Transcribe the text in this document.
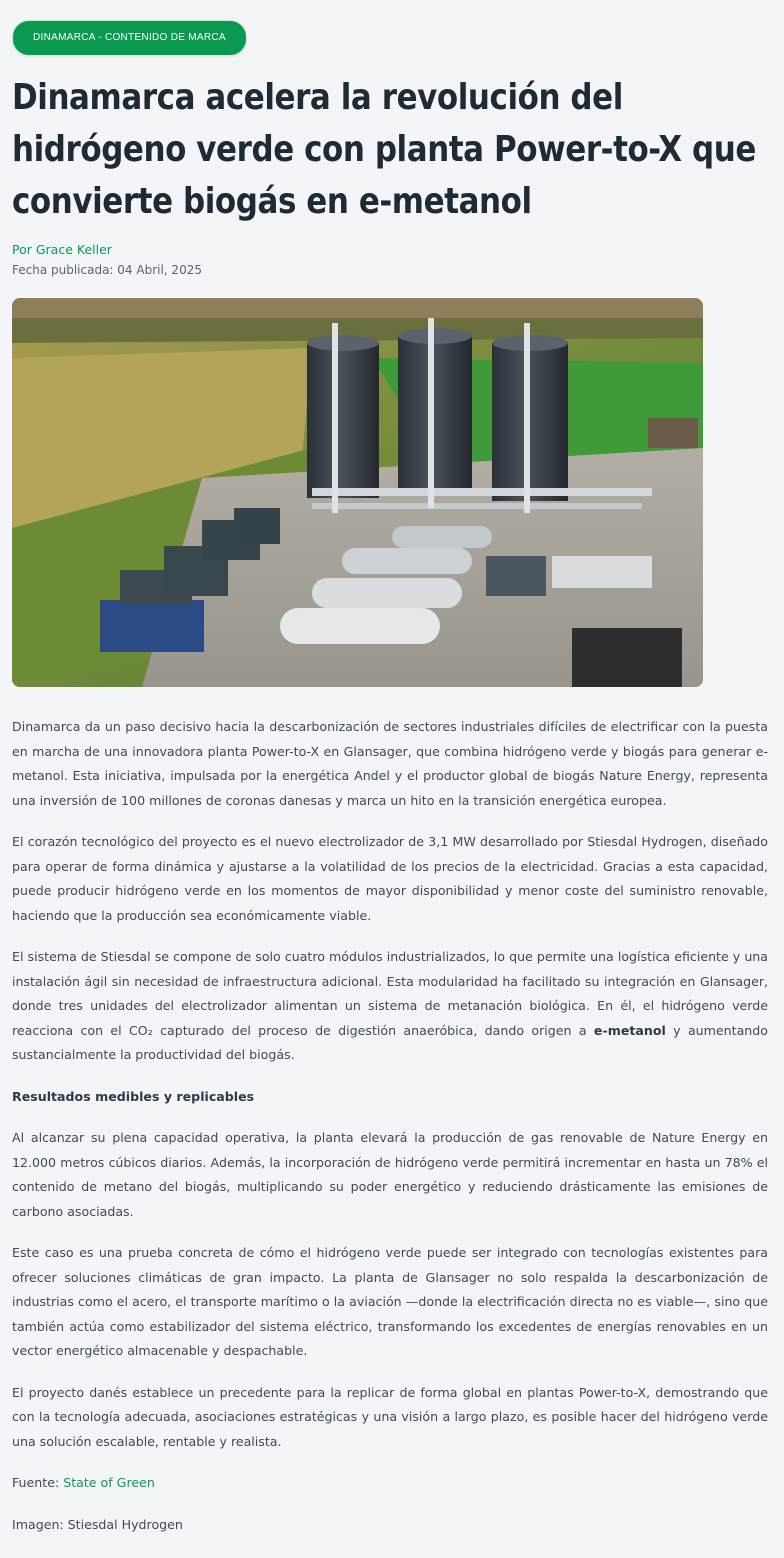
DINAMARCA - CONTENIDO DE MARCA
Dinamarca acelera la revolución del hidrógeno verde con planta Power-to-X que convierte biogás en e-metanol
Por Grace Keller
Fecha publicada: 04 Abril, 2025

Dinamarca da un paso decisivo hacia la descarbonización de sectores industriales difíciles de electrificar con la puesta en marcha de una innovadora planta Power-to-X en Glansager, que combina hidrógeno verde y biogás para generar e-metanol. Esta iniciativa, impulsada por la energética Andel y el productor global de biogás Nature Energy, representa una inversión de 100 millones de coronas danesas y marca un hito en la transición energética europea.

El corazón tecnológico del proyecto es el nuevo electrolizador de 3,1 MW desarrollado por Stiesdal Hydrogen, diseñado para operar de forma dinámica y ajustarse a la volatilidad de los precios de la electricidad. Gracias a esta capacidad, puede producir hidrógeno verde en los momentos de mayor disponibilidad y menor coste del suministro renovable, haciendo que la producción sea económicamente viable.

El sistema de Stiesdal se compone de solo cuatro módulos industrializados, lo que permite una logística eficiente y una instalación ágil sin necesidad de infraestructura adicional. Esta modularidad ha facilitado su integración en Glansager, donde tres unidades del electrolizador alimentan un sistema de metanación biológica. En él, el hidrógeno verde reacciona con el CO₂ capturado del proceso de digestión anaeróbica, dando origen a e-metanol y aumentando sustancialmente la productividad del biogás.

Resultados medibles y replicables

Al alcanzar su plena capacidad operativa, la planta elevará la producción de gas renovable de Nature Energy en 12.000 metros cúbicos diarios. Además, la incorporación de hidrógeno verde permitirá incrementar en hasta un 78% el contenido de metano del biogás, multiplicando su poder energético y reduciendo drásticamente las emisiones de carbono asociadas.

Este caso es una prueba concreta de cómo el hidrógeno verde puede ser integrado con tecnologías existentes para ofrecer soluciones climáticas de gran impacto. La planta de Glansager no solo respalda la descarbonización de industrias como el acero, el transporte marítimo o la aviación —donde la electrificación directa no es viable—, sino que también actúa como estabilizador del sistema eléctrico, transformando los excedentes de energías renovables en un vector energético almacenable y despachable.

El proyecto danés establece un precedente para la replicar de forma global en plantas Power-to-X, demostrando que con la tecnología adecuada, asociaciones estratégicas y una visión a largo plazo, es posible hacer del hidrógeno verde una solución escalable, rentable y realista.

Fuente: State of Green

Imagen: Stiesdal Hydrogen
